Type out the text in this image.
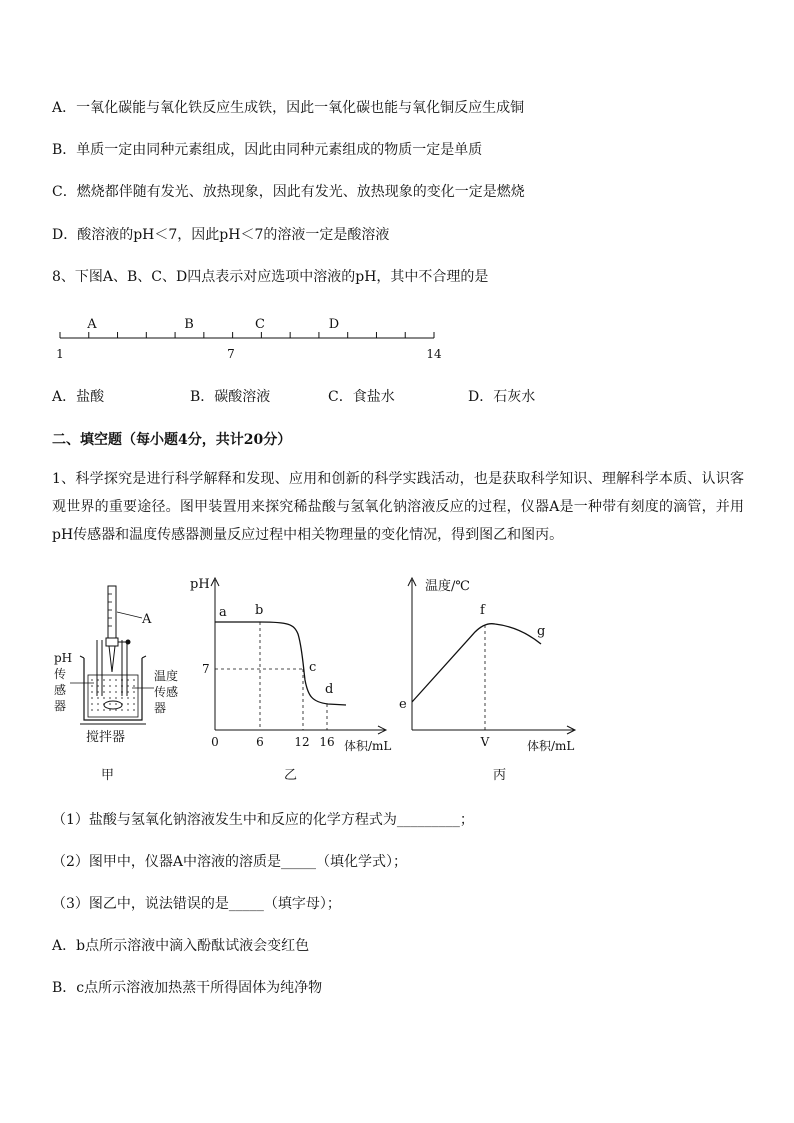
A．一氧化碳能与氧化铁反应生成铁，因此一氧化碳也能与氧化铜反应生成铜
B．单质一定由同种元素组成，因此由同种元素组成的物质一定是单质
C．燃烧都伴随有发光、放热现象，因此有发光、放热现象的变化一定是燃烧
D．酸溶液的pH＜7，因此pH＜7的溶液一定是酸溶液
8、下图A、B、C、D四点表示对应选项中溶液的pH，其中不合理的是
A	B	C	D
1	7	14
A．盐酸	B．碳酸溶液	C．食盐水	D．石灰水
二、填空题（每小题4分，共计20分）
1、科学探究是进行科学解释和发现、应用和创新的科学实践活动，也是获取科学知识、理解科学本质、认识客观世界的重要途径。图甲装置用来探究稀盐酸与氢氧化钠溶液反应的过程，仪器A是一种带有刻度的滴管，并用pH传感器和温度传感器测量反应过程中相关物理量的变化情况，得到图乙和图丙。
A
pH
传
感
器
温度
传感
器
搅拌器
甲
pH
7
a b
c
d
0	6	12 16 体积/mL
乙
温度/℃
e
f
g
V	体积/mL
丙
（1）盐酸与氢氧化钠溶液发生中和反应的化学方程式为_________；
（2）图甲中，仪器A中溶液的溶质是_____（填化学式）；
（3）图乙中，说法错误的是_____（填字母）；
A．b点所示溶液中滴入酚酞试液会变红色
B．c点所示溶液加热蒸干所得固体为纯净物
